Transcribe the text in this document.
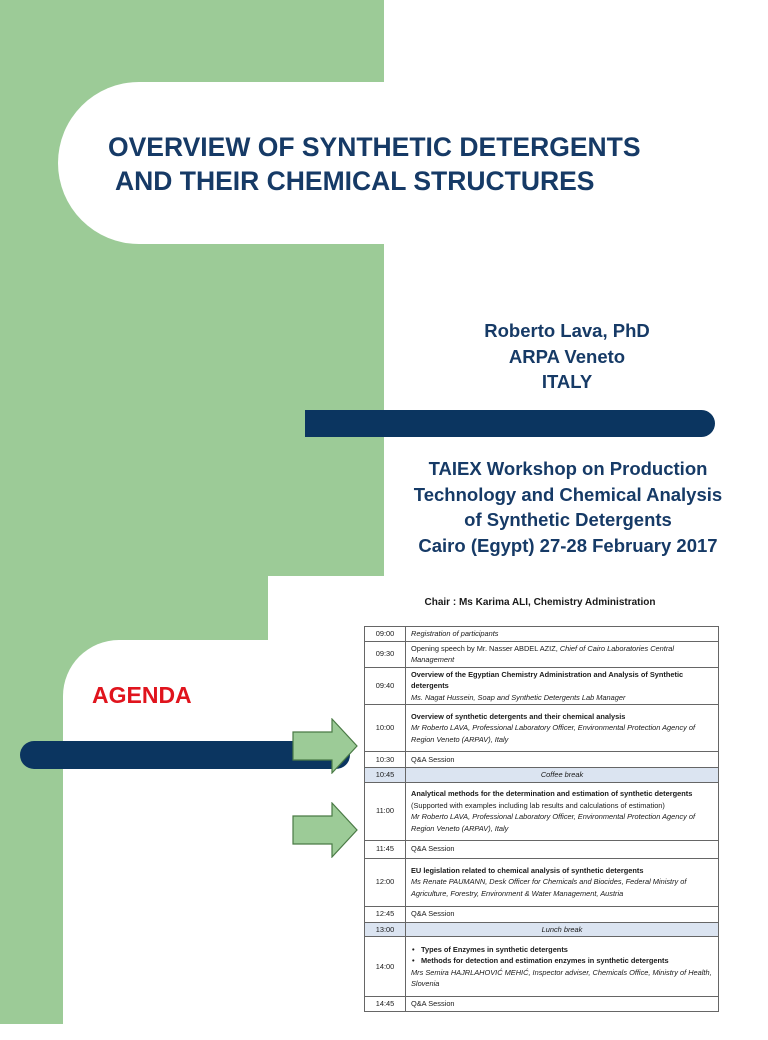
OVERVIEW OF SYNTHETIC DETERGENTS
AND THEIR CHEMICAL STRUCTURES
Roberto Lava, PhD
ARPA Veneto
ITALY
TAIEX Workshop on Production
Technology and Chemical Analysis
of Synthetic Detergents
Cairo (Egypt) 27-28 February 2017
AGENDA
Chair : Ms Karima ALI, Chemistry Administration
09:00	Registration of participants
09:30	Opening speech by Mr. Nasser ABDEL AZIZ, Chief of Cairo Laboratories Central Management
09:40	Overview of the Egyptian Chemistry Administration and Analysis of Synthetic detergents
Ms. Nagat Hussein, Soap and Synthetic Detergents Lab Manager
10:00	Overview of synthetic detergents and their chemical analysis
Mr Roberto LAVA, Professional Laboratory Officer, Environmental Protection Agency of Region Veneto (ARPAV), Italy
10:30	Q&A Session
10:45	Coffee break
11:00	Analytical methods for the determination and estimation of synthetic detergents
(Supported with examples including lab results and calculations of estimation)
Mr Roberto LAVA, Professional Laboratory Officer, Environmental Protection Agency of Region Veneto (ARPAV), Italy
11:45	Q&A Session
12:00	EU legislation related to chemical analysis of synthetic detergents
Ms Renate PAUMANN, Desk Officer for Chemicals and Biocides, Federal Ministry of Agriculture, Forestry, Environment & Water Management, Austria
12:45	Q&A Session
13:00	Lunch break
14:00	• Types of Enzymes in synthetic detergents
• Methods for detection and estimation enzymes in synthetic detergents
Mrs Semira HAJRLAHOVIĆ MEHIĆ, Inspector adviser, Chemicals Office, Ministry of Health, Slovenia
14:45	Q&A Session
